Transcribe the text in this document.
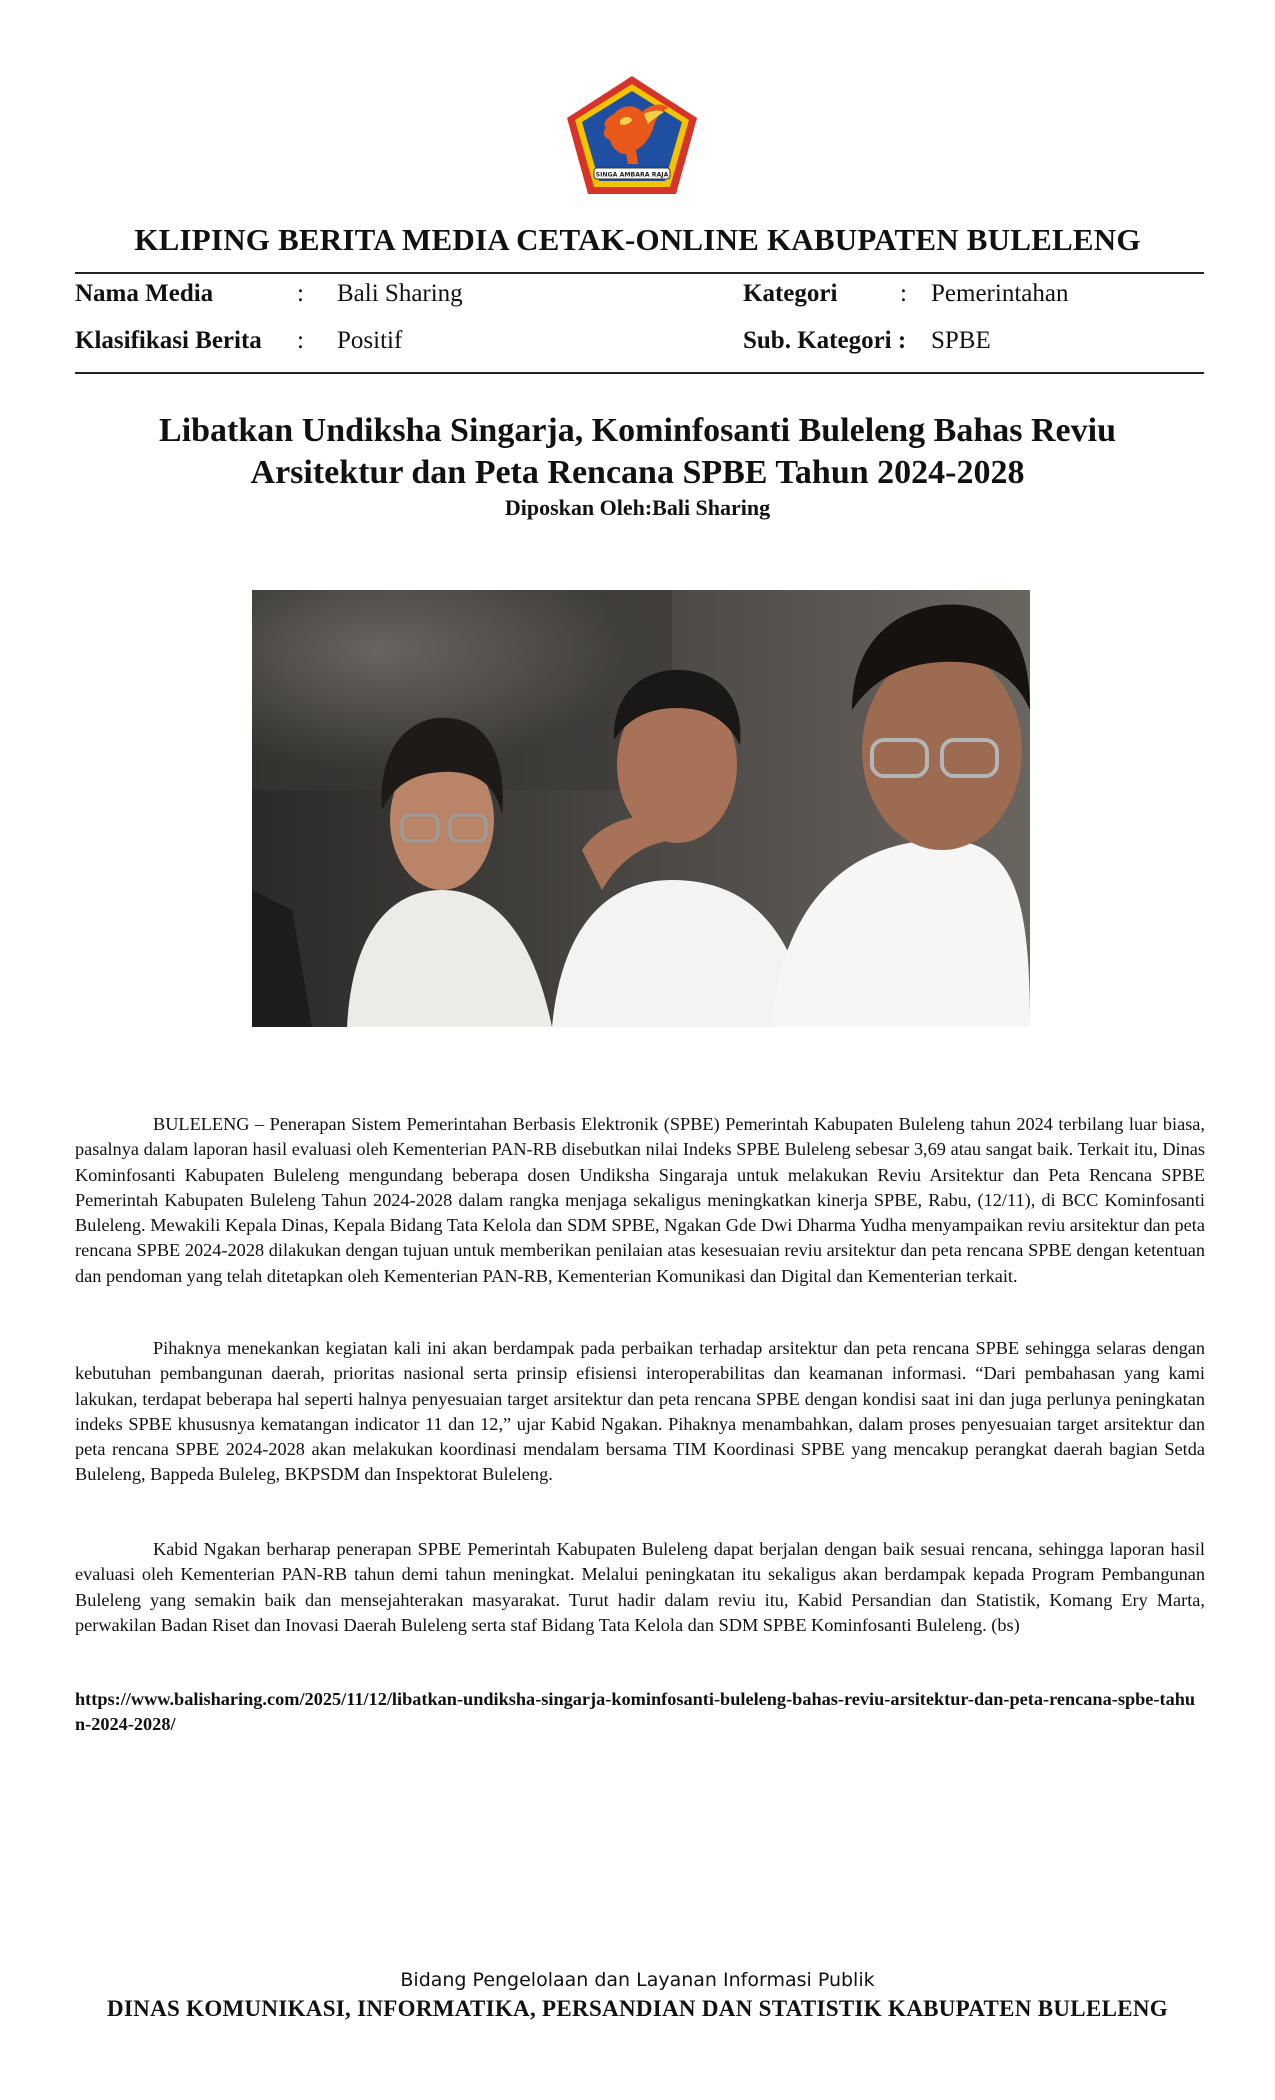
SINGA AMBARA RAJA
KLIPING BERITA MEDIA CETAK-ONLINE KABUPATEN BULELENG
Nama Media	: Bali Sharing
Klasifikasi Berita : Positif
Kategori	: Pemerintahan
Sub. Kategori : SPBE
Libatkan Undiksha Singarja, Kominfosanti Buleleng Bahas Reviu Arsitektur dan Peta Rencana SPBE Tahun 2024-2028
Diposkan Oleh:Bali Sharing

BULELENG – Penerapan Sistem Pemerintahan Berbasis Elektronik (SPBE) Pemerintah Kabupaten Buleleng tahun 2024 terbilang luar biasa, pasalnya dalam laporan hasil evaluasi oleh Kementerian PAN-RB disebutkan nilai Indeks SPBE Buleleng sebesar 3,69 atau sangat baik. Terkait itu, Dinas Kominfosanti Kabupaten Buleleng mengundang beberapa dosen Undiksha Singaraja untuk melakukan Reviu Arsitektur dan Peta Rencana SPBE Pemerintah Kabupaten Buleleng Tahun 2024-2028 dalam rangka menjaga sekaligus meningkatkan kinerja SPBE, Rabu, (12/11), di BCC Kominfosanti Buleleng. Mewakili Kepala Dinas, Kepala Bidang Tata Kelola dan SDM SPBE, Ngakan Gde Dwi Dharma Yudha menyampaikan reviu arsitektur dan peta rencana SPBE 2024-2028 dilakukan dengan tujuan untuk memberikan penilaian atas kesesuaian reviu arsitektur dan peta rencana SPBE dengan ketentuan dan pendoman yang telah ditetapkan oleh Kementerian PAN-RB, Kementerian Komunikasi dan Digital dan Kementerian terkait.

Pihaknya menekankan kegiatan kali ini akan berdampak pada perbaikan terhadap arsitektur dan peta rencana SPBE sehingga selaras dengan kebutuhan pembangunan daerah, prioritas nasional serta prinsip efisiensi interoperabilitas dan keamanan informasi. “Dari pembahasan yang kami lakukan, terdapat beberapa hal seperti halnya penyesuaian target arsitektur dan peta rencana SPBE dengan kondisi saat ini dan juga perlunya peningkatan indeks SPBE khususnya kematangan indicator 11 dan 12,” ujar Kabid Ngakan. Pihaknya menambahkan, dalam proses penyesuaian target arsitektur dan peta rencana SPBE 2024-2028 akan melakukan koordinasi mendalam bersama TIM Koordinasi SPBE yang mencakup perangkat daerah bagian Setda Buleleng, Bappeda Buleleg, BKPSDM dan Inspektorat Buleleng.

Kabid Ngakan berharap penerapan SPBE Pemerintah Kabupaten Buleleng dapat berjalan dengan baik sesuai rencana, sehingga laporan hasil evaluasi oleh Kementerian PAN-RB tahun demi tahun meningkat. Melalui peningkatan itu sekaligus akan berdampak kepada Program Pembangunan Buleleng yang semakin baik dan mensejahterakan masyarakat. Turut hadir dalam reviu itu, Kabid Persandian dan Statistik, Komang Ery Marta, perwakilan Badan Riset dan Inovasi Daerah Buleleng serta staf Bidang Tata Kelola dan SDM SPBE Kominfosanti Buleleng. (bs)

https://www.balisharing.com/2025/11/12/libatkan-undiksha-singarja-kominfosanti-buleleng-bahas-reviu-arsitektur-dan-peta-rencana-spbe-tahun-2024-2028/
Bidang Pengelolaan dan Layanan Informasi Publik
DINAS KOMUNIKASI, INFORMATIKA, PERSANDIAN DAN STATISTIK KABUPATEN BULELENG
